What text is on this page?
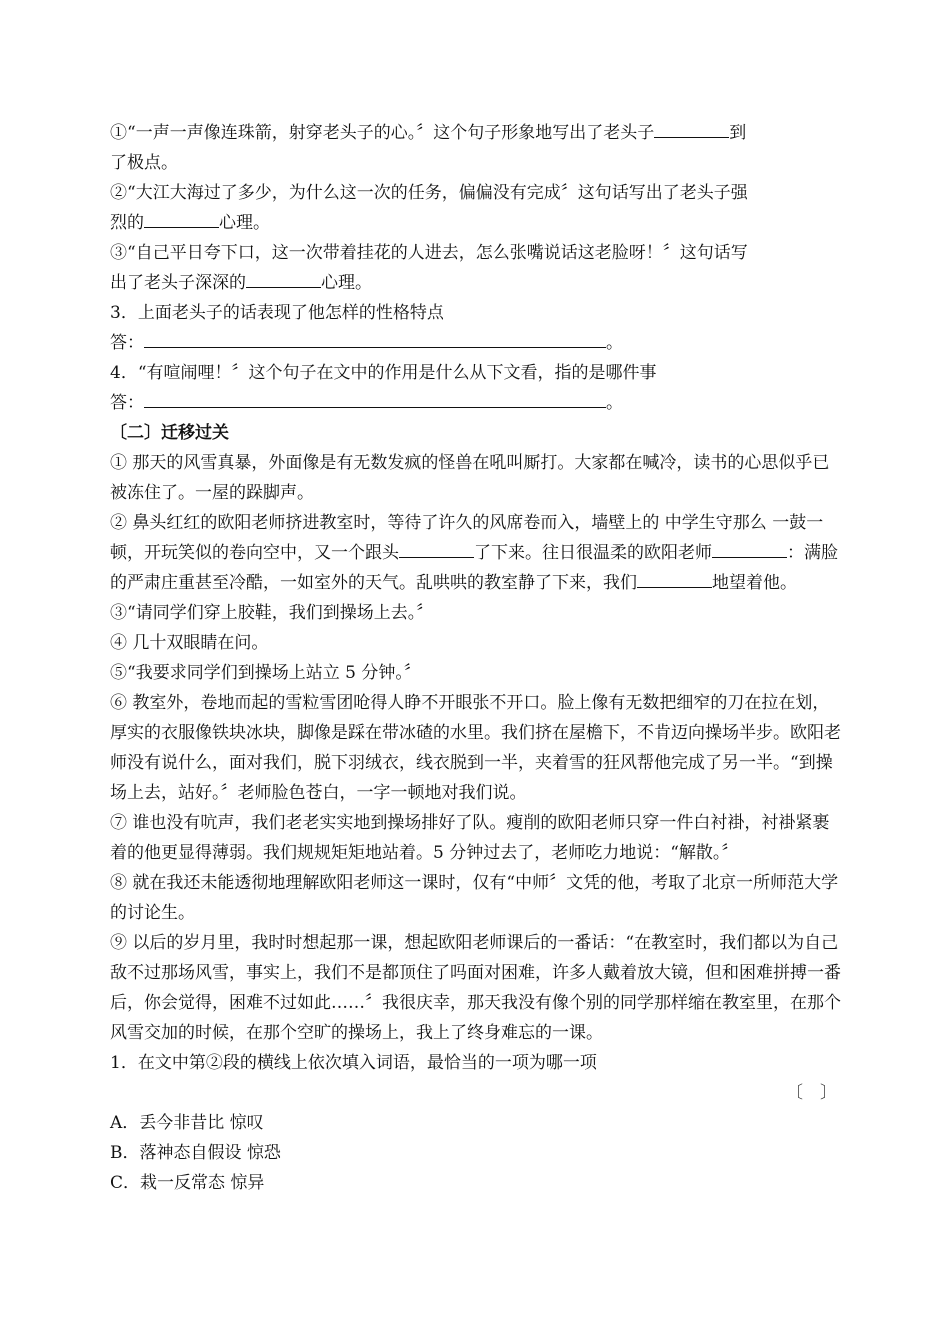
①“一声一声像连珠箭，射穿老头子的心。〞这个句子形象地写出了老头子	到
了极点。
②“大江大海过了多少，为什么这一次的任务，偏偏没有完成〞这句话写出了老头子强
烈的	心理。
③“自己平日夸下口，这一次带着挂花的人进去，怎么张嘴说话这老脸呀！〞这句话写
出了老头子深深的	心理。
3．上面老头子的话表现了他怎样的性格特点
答：	。
4．“有喧闹哩！〞这个句子在文中的作用是什么从下文看，指的是哪件事
答：	。
〔二〕迁移过关
① 那天的风雪真暴，外面像是有无数发疯的怪兽在吼叫厮打。大家都在喊冷，读书的心思似乎已被冻住了。一屋的跺脚声。
② 鼻头红红的欧阳老师挤进教室时，等待了许久的风席卷而入，墙壁上的 中学生守那么 一鼓一顿，开玩笑似的卷向空中，又一个跟头	了下来。往日很温柔的欧阳老师	：满脸的严肃庄重甚至冷酷，一如室外的天气。乱哄哄的教室静了下来，我们	地望着他。
③“请同学们穿上胶鞋，我们到操场上去。〞
④ 几十双眼睛在问。
⑤“我要求同学们到操场上站立 5 分钟。〞
⑥ 教室外，卷地而起的雪粒雪团呛得人睁不开眼张不开口。脸上像有无数把细窄的刀在拉在划，厚实的衣服像铁块冰块，脚像是踩在带冰碴的水里。我们挤在屋檐下，不肯迈向操场半步。欧阳老师没有说什么，面对我们，脱下羽绒衣，线衣脱到一半，夹着雪的狂风帮他完成了另一半。“到操场上去，站好。〞老师脸色苍白，一字一顿地对我们说。
⑦ 谁也没有吭声，我们老老实实地到操场排好了队。瘦削的欧阳老师只穿一件白衬褂，衬褂紧裹着的他更显得薄弱。我们规规矩矩地站着。5 分钟过去了，老师吃力地说：“解散。〞
⑧ 就在我还未能透彻地理解欧阳老师这一课时，仅有“中师〞文凭的他，考取了北京一所师范大学的讨论生。
⑨ 以后的岁月里，我时时想起那一课，想起欧阳老师课后的一番话：“在教室时，我们都以为自己敌不过那场风雪，事实上，我们不是都顶住了吗面对困难，许多人戴着放大镜，但和困难拼搏一番后，你会觉得，困难不过如此……〞我很庆幸，那天我没有像个别的同学那样缩在教室里，在那个风雪交加的时候，在那个空旷的操场上，我上了终身难忘的一课。
1．在文中第②段的横线上依次填入词语，最恰当的一项为哪一项
〔　〕
A．丢今非昔比 惊叹
B．落神态自假设 惊恐
C．栽一反常态 惊异
